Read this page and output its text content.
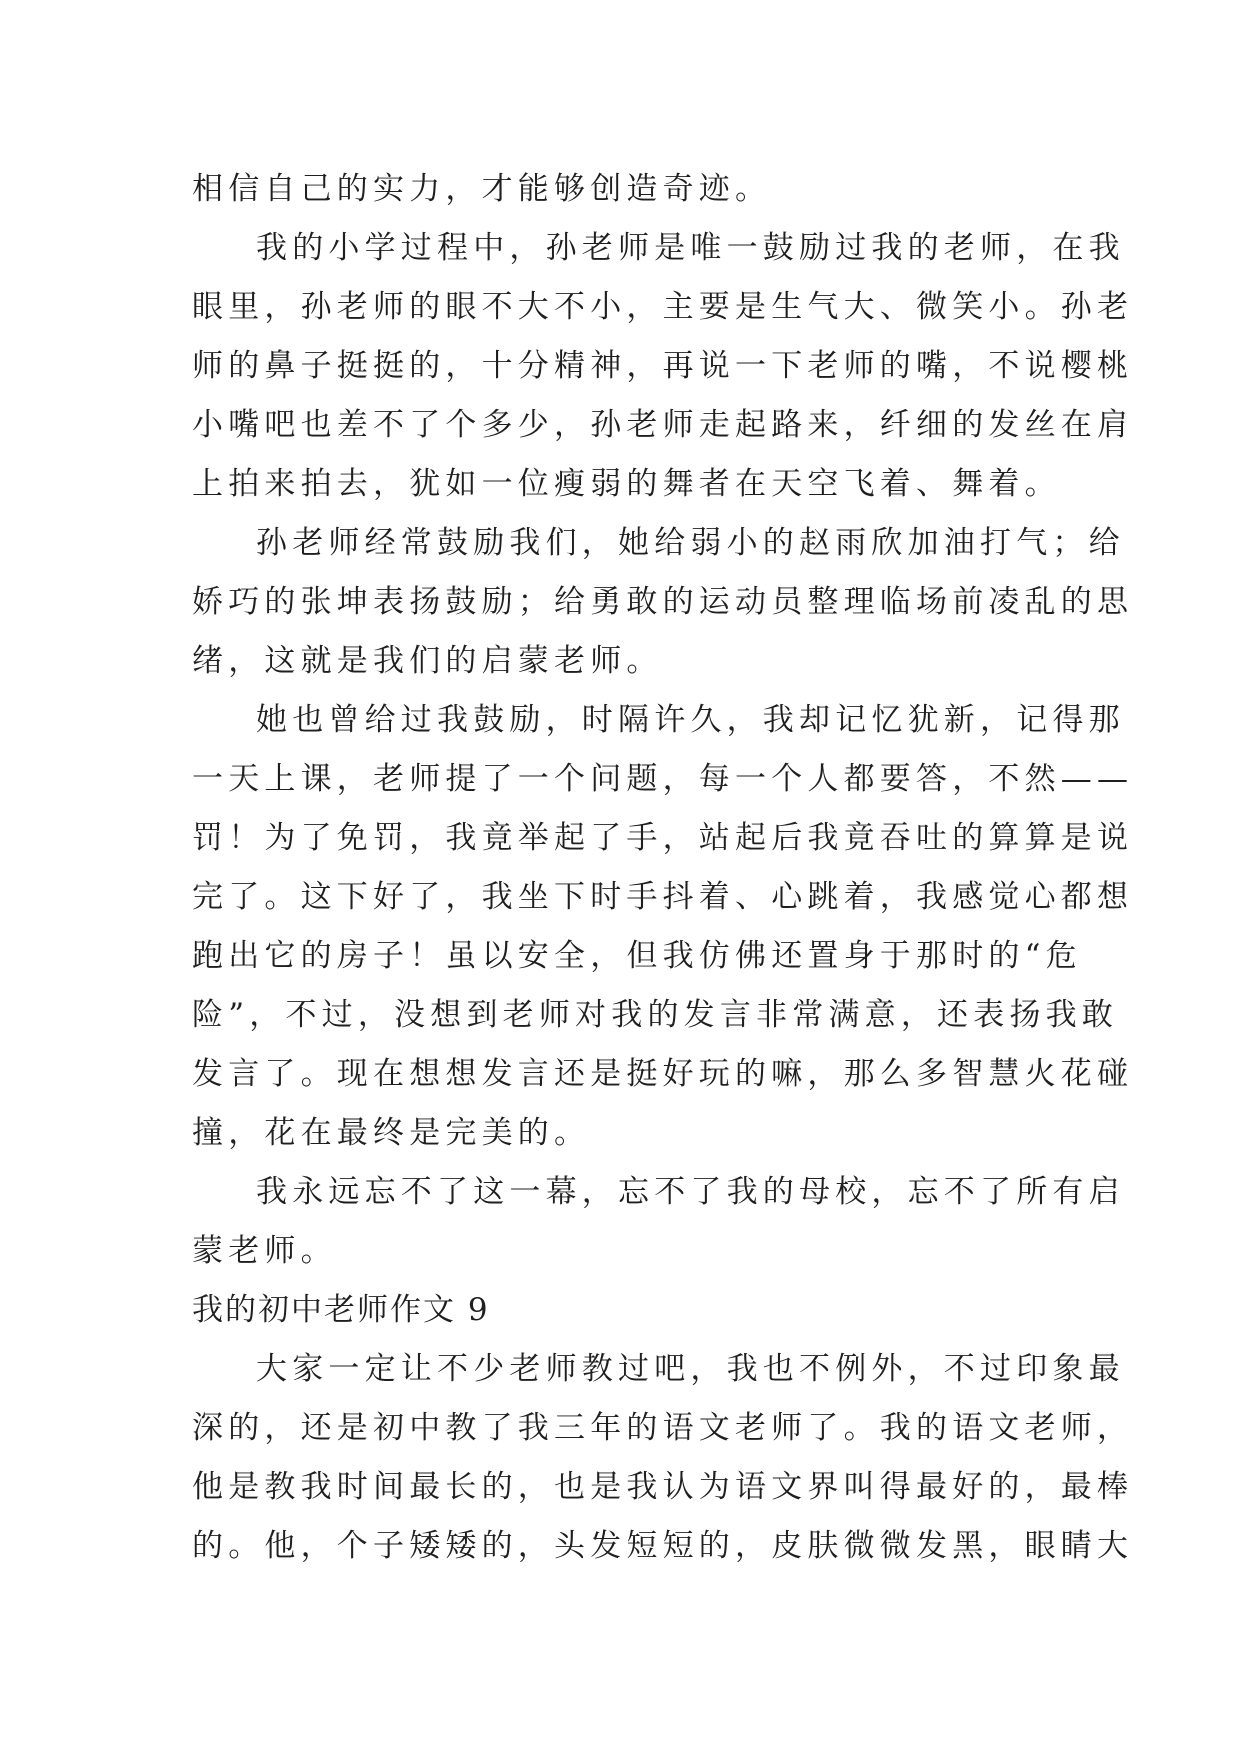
相信自己的实力，才能够创造奇迹。
我的小学过程中，孙老师是唯一鼓励过我的老师，在我
眼里，孙老师的眼不大不小，主要是生气大、微笑小。孙老
师的鼻子挺挺的，十分精神，再说一下老师的嘴，不说樱桃
小嘴吧也差不了个多少，孙老师走起路来，纤细的发丝在肩
上拍来拍去，犹如一位瘦弱的舞者在天空飞着、舞着。
孙老师经常鼓励我们，她给弱小的赵雨欣加油打气；给
娇巧的张坤表扬鼓励；给勇敢的运动员整理临场前凌乱的思
绪，这就是我们的启蒙老师。
她也曾给过我鼓励，时隔许久，我却记忆犹新，记得那
一天上课，老师提了一个问题，每一个人都要答，不然——
罚！为了免罚，我竟举起了手，站起后我竟吞吐的算算是说
完了。这下好了，我坐下时手抖着、心跳着，我感觉心都想
跑出它的房子！虽以安全，但我仿佛还置身于那时的“危
险”，不过，没想到老师对我的发言非常满意，还表扬我敢
发言了。现在想想发言还是挺好玩的嘛，那么多智慧火花碰
撞，花在最终是完美的。
我永远忘不了这一幕，忘不了我的母校，忘不了所有启
蒙老师。
我的初中老师作文 9
大家一定让不少老师教过吧，我也不例外，不过印象最
深的，还是初中教了我三年的语文老师了。我的语文老师，
他是教我时间最长的，也是我认为语文界叫得最好的，最棒
的。他，个子矮矮的，头发短短的，皮肤微微发黑，眼睛大
